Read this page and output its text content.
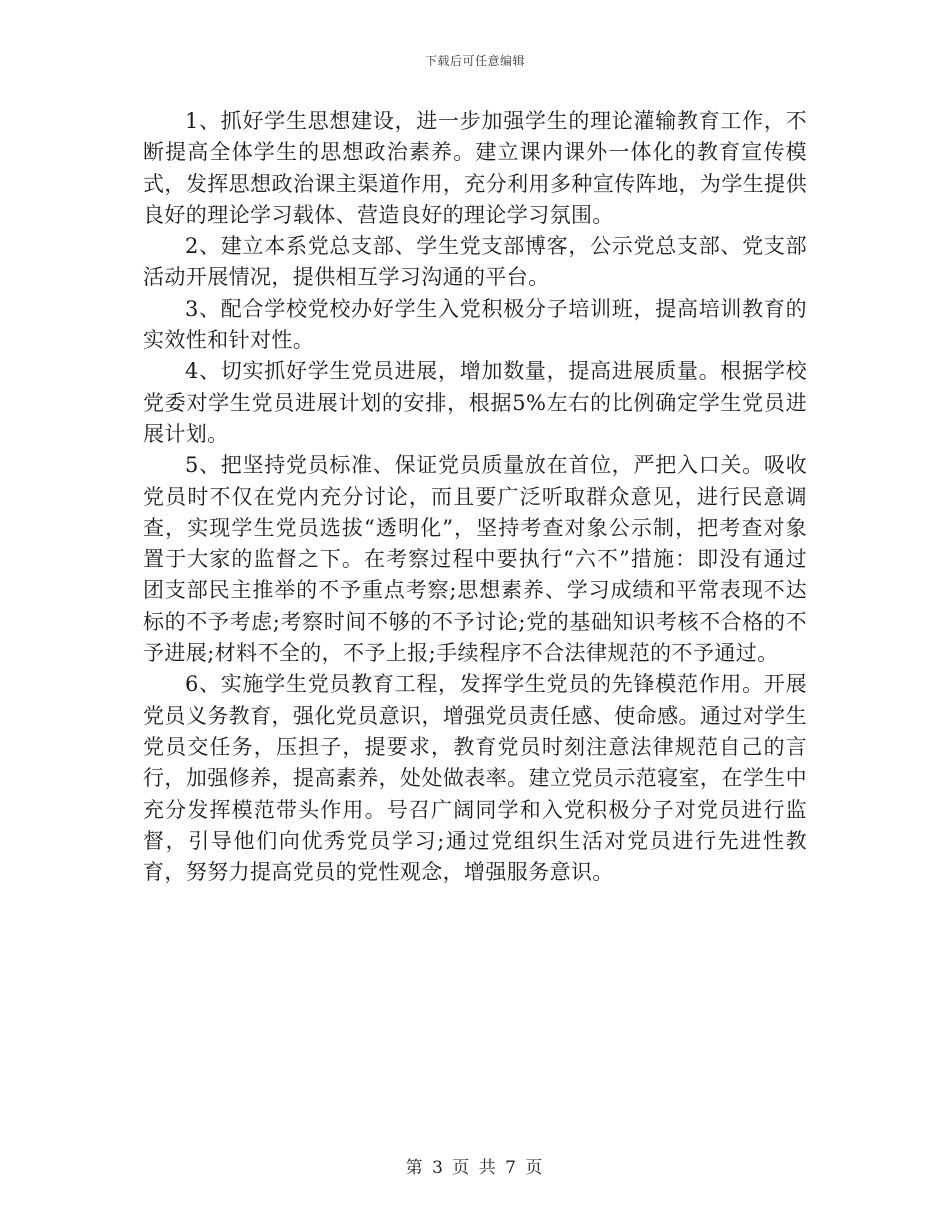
下载后可任意编辑

1、抓好学生思想建设，进一步加强学生的理论灌输教育工作，不断提高全体学生的思想政治素养。建立课内课外一体化的教育宣传模式，发挥思想政治课主渠道作用，充分利用多种宣传阵地，为学生提供良好的理论学习载体、营造良好的理论学习氛围。

2、建立本系党总支部、学生党支部博客，公示党总支部、党支部活动开展情况，提供相互学习沟通的平台。

3、配合学校党校办好学生入党积极分子培训班，提高培训教育的实效性和针对性。

4、切实抓好学生党员进展，增加数量，提高进展质量。根据学校党委对学生党员进展计划的安排，根据5%左右的比例确定学生党员进展计划。

5、把坚持党员标准、保证党员质量放在首位，严把入口关。吸收党员时不仅在党内充分讨论，而且要广泛听取群众意见，进行民意调查，实现学生党员选拔“透明化”，坚持考查对象公示制，把考查对象置于大家的监督之下。在考察过程中要执行“六不”措施：即没有通过团支部民主推举的不予重点考察;思想素养、学习成绩和平常表现不达标的不予考虑;考察时间不够的不予讨论;党的基础知识考核不合格的不予进展;材料不全的，不予上报;手续程序不合法律规范的不予通过。

6、实施学生党员教育工程，发挥学生党员的先锋模范作用。开展党员义务教育，强化党员意识，增强党员责任感、使命感。通过对学生党员交任务，压担子，提要求，教育党员时刻注意法律规范自己的言行，加强修养，提高素养，处处做表率。建立党员示范寝室，在学生中充分发挥模范带头作用。号召广阔同学和入党积极分子对党员进行监督，引导他们向优秀党员学习;通过党组织生活对党员进行先进性教育，努努力提高党员的党性观念，增强服务意识。

第 3 页 共 7 页
